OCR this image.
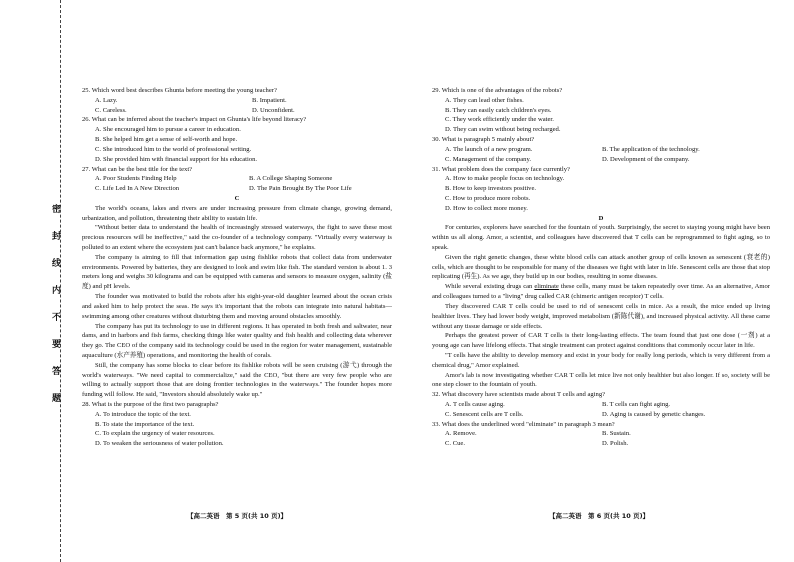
密
封
线
内
不
要
答
题

25. Which word best describes Ghunta before meeting the young teacher?

A. Lazy.	B. Impatient.
C. Careless.	D. Unconfident.

26. What can be inferred about the teacher's impact on Ghunta's life beyond literacy?

A. She encouraged him to pursue a career in education.
B. She helped him get a sense of self-worth and hope.
C. She introduced him to the world of professional writing.
D. She provided him with financial support for his education.

27. What can be the best title for the text?

A. Poor Students Finding Help	B. A College Shaping Someone
C. Life Led In A New Direction	D. The Pain Brought By The Poor Life

C

The world's oceans, lakes and rivers are under increasing pressure from climate change, growing demand, urbanization, and pollution, threatening their ability to sustain life.

"Without better data to understand the health of increasingly stressed waterways, the fight to save these most precious resources will be ineffective," said the co-founder of a technology company. "Virtually every waterway is polluted to an extent where the ecosystem just can't balance back anymore," he explains.

The company is aiming to fill that information gap using fishlike robots that collect data from underwater environments. Powered by batteries, they are designed to look and swim like fish. The standard version is about 1. 3 meters long and weighs 30 kilograms and can be equipped with cameras and sensors to measure oxygen, salinity (盐度) and pH levels.

The founder was motivated to build the robots after his eight-year-old daughter learned about the ocean crisis and asked him to help protect the seas. He says it's important that the robots can integrate into natural habitats—swimming among other creatures without disturbing them and moving around obstacles smoothly.

The company has put its technology to use in different regions. It has operated in both fresh and saltwater, near dams, and in harbors and fish farms, checking things like water quality and fish health and collecting data wherever they go. The CEO of the company said its technology could be used in the region for water management, sustainable aquaculture (水产养殖) operations, and monitoring the health of corals.

Still, the company has some blocks to clear before its fishlike robots will be seen cruising (游弋) through the world's waterways. "We need capital to commercialize," said the CEO, "but there are very few people who are willing to actually support those that are doing frontier technologies in the waterways." The founder hopes more funding will follow. He said, "Investors should absolutely wake up."

28. What is the purpose of the first two paragraphs?

A. To introduce the topic of the text.
B. To state the importance of the text.
C. To explain the urgency of water resources.
D. To weaken the seriousness of water pollution.
【高二英语　第 5 页(共 10 页)】

29. Which is one of the advantages of the robots?

A. They can lead other fishes.
B. They can easily catch children's eyes.
C. They work efficiently under the water.
D. They can swim without being recharged.

30. What is paragraph 5 mainly about?

A. The launch of a new program.	B. The application of the technology.
C. Management of the company.	D. Development of the company.

31. What problem does the company face currently?

A. How to make people focus on technology.
B. How to keep investors positive.
C. How to produce more robots.
D. How to collect more money.

D

For centuries, explorers have searched for the fountain of youth. Surprisingly, the secret to staying young might have been within us all along. Amor, a scientist, and colleagues have discovered that T cells can be reprogrammed to fight aging, so to speak.

Given the right genetic changes, these white blood cells can attack another group of cells known as senescent (衰老的) cells, which are thought to be responsible for many of the diseases we fight with later in life. Senescent cells are those that stop replicating (再生). As we age, they build up in our bodies, resulting in some diseases.

While several existing drugs can eliminate these cells, many must be taken repeatedly over time. As an alternative, Amor and colleagues turned to a "living" drug called CAR (chimeric antigen receptor) T cells.

They discovered CAR T cells could be used to rid of senescent cells in mice. As a result, the mice ended up living healthier lives. They had lower body weight, improved metabolism (新陈代谢), and increased physical activity. All these came without any tissue damage or side effects.

Perhaps the greatest power of CAR T cells is their long-lasting effects. The team found that just one dose (一剂) at a young age can have lifelong effects. That single treatment can protect against conditions that commonly occur later in life.

"T cells have the ability to develop memory and exist in your body for really long periods, which is very different from a chemical drug," Amor explained.

Amor's lab is now investigating whether CAR T cells let mice live not only healthier but also longer. If so, society will be one step closer to the fountain of youth.

32. What discovery have scientists made about T cells and aging?

A. T cells cause aging.	B. T cells can fight aging.
C. Senescent cells are T cells.	D. Aging is caused by genetic changes.

33. What does the underlined word "eliminate" in paragraph 3 mean?

A. Remove.	B. Sustain.
C. Cue.	D. Polish.
【高二英语　第 6 页(共 10 页)】
